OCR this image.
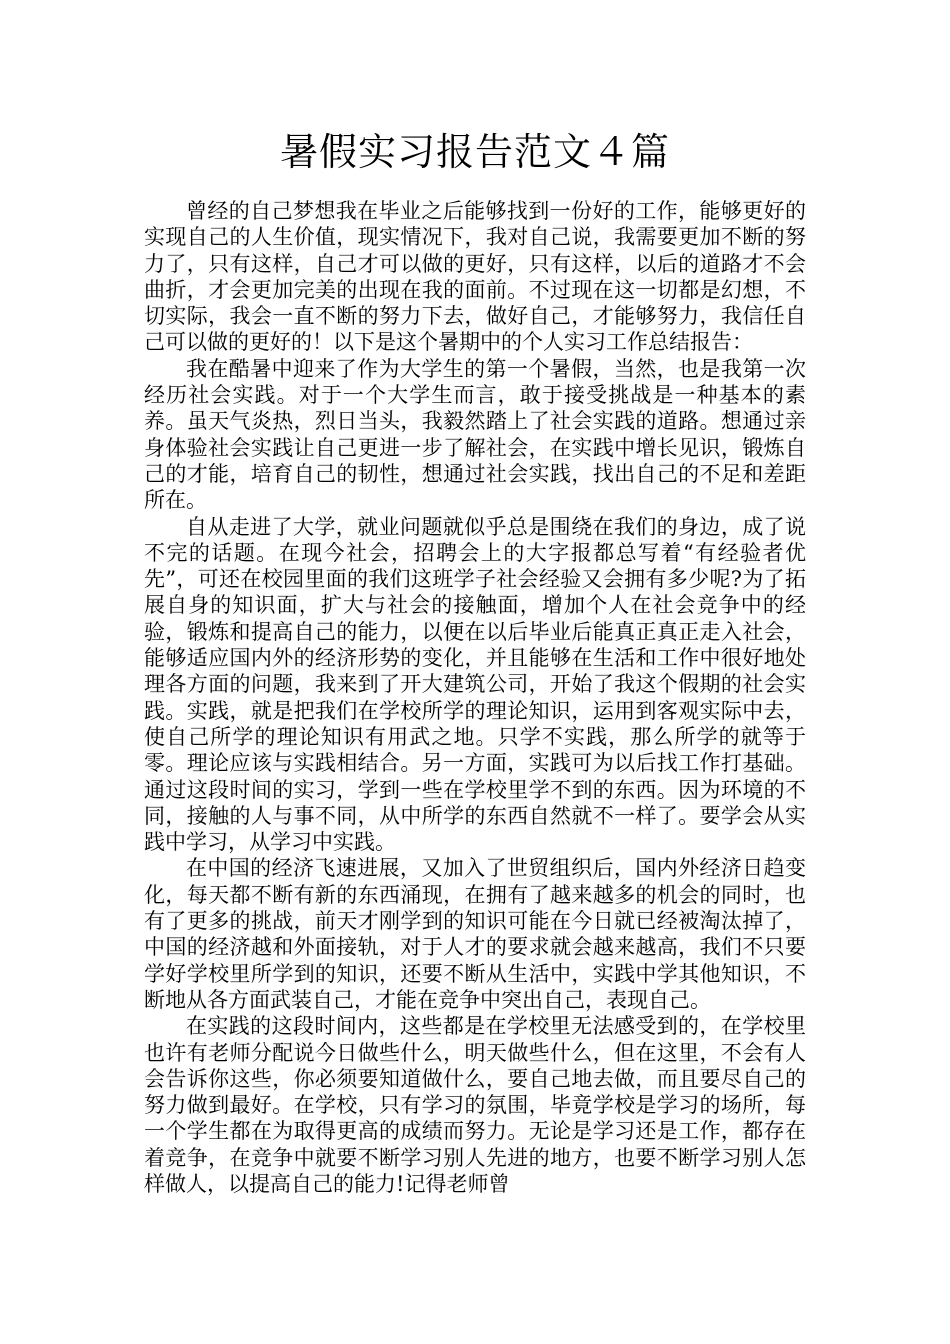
暑假实习报告范文４篇

曾经的自己梦想我在毕业之后能够找到一份好的工作，能够更好的实现自己的人生价值，现实情况下，我对自己说，我需要更加不断的努力了，只有这样，自己才可以做的更好，只有这样，以后的道路才不会曲折，才会更加完美的出现在我的面前。不过现在这一切都是幻想，不切实际，我会一直不断的努力下去，做好自己，才能够努力，我信任自己可以做的更好的！以下是这个暑期中的个人实习工作总结报告：

我在酷暑中迎来了作为大学生的第一个暑假，当然，也是我第一次经历社会实践。对于一个大学生而言，敢于接受挑战是一种基本的素养。虽天气炎热，烈日当头，我毅然踏上了社会实践的道路。想通过亲身体验社会实践让自己更进一步了解社会，在实践中增长见识，锻炼自己的才能，培育自己的韧性，想通过社会实践，找出自己的不足和差距所在。

自从走进了大学，就业问题就似乎总是围绕在我们的身边，成了说不完的话题。在现今社会，招聘会上的大字报都总写着“有经验者优先”，可还在校园里面的我们这班学子社会经验又会拥有多少呢?为了拓展自身的知识面，扩大与社会的接触面，增加个人在社会竞争中的经验，锻炼和提高自己的能力，以便在以后毕业后能真正真正走入社会，能够适应国内外的经济形势的变化，并且能够在生活和工作中很好地处理各方面的问题，我来到了开大建筑公司，开始了我这个假期的社会实践。实践，就是把我们在学校所学的理论知识，运用到客观实际中去，使自己所学的理论知识有用武之地。只学不实践，那么所学的就等于零。理论应该与实践相结合。另一方面，实践可为以后找工作打基础。通过这段时间的实习，学到一些在学校里学不到的东西。因为环境的不同，接触的人与事不同，从中所学的东西自然就不一样了。要学会从实践中学习，从学习中实践。

在中国的经济飞速进展，又加入了世贸组织后，国内外经济日趋变化，每天都不断有新的东西涌现，在拥有了越来越多的机会的同时，也有了更多的挑战，前天才刚学到的知识可能在今日就已经被淘汰掉了，中国的经济越和外面接轨，对于人才的要求就会越来越高，我们不只要学好学校里所学到的知识，还要不断从生活中，实践中学其他知识，不断地从各方面武装自己，才能在竞争中突出自己，表现自己。

在实践的这段时间内，这些都是在学校里无法感受到的，在学校里也许有老师分配说今日做些什么，明天做些什么，但在这里，不会有人会告诉你这些，你必须要知道做什么，要自己地去做，而且要尽自己的努力做到最好。在学校，只有学习的氛围，毕竟学校是学习的场所，每一个学生都在为取得更高的成绩而努力。无论是学习还是工作，都存在着竞争，在竞争中就要不断学习别人先进的地方，也要不断学习别人怎样做人，以提高自己的能力!记得老师曾
